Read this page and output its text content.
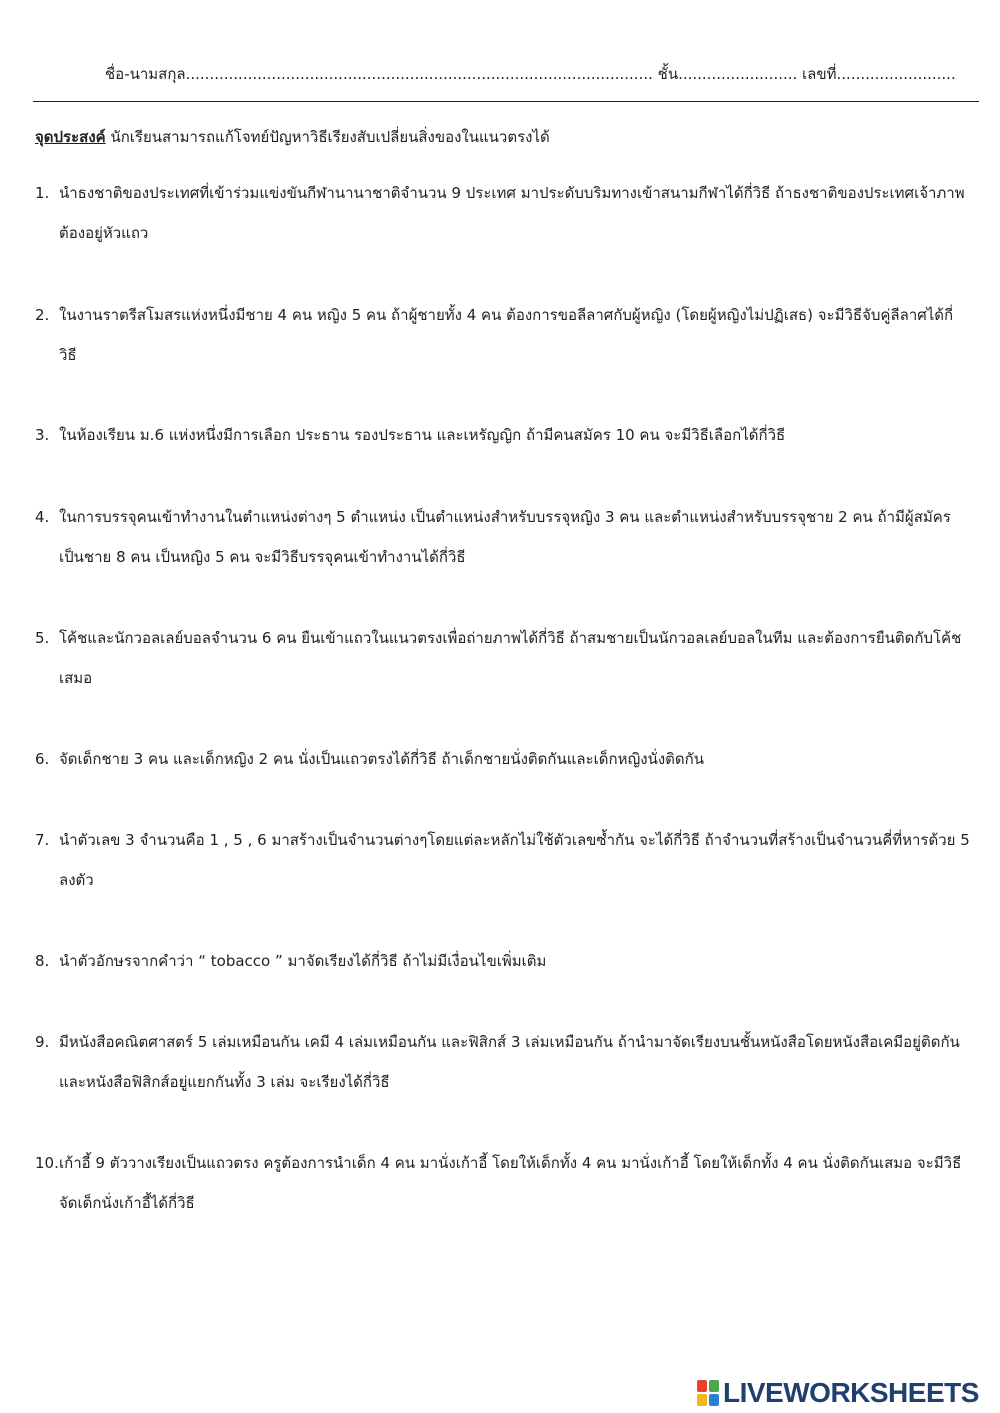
ชื่อ-นามสกุล.................................................................................................. ชั้น......................... เลขที่.........................
จุดประสงค์ นักเรียนสามารถแก้โจทย์ปัญหาวิธีเรียงสับเปลี่ยนสิ่งของในแนวตรงได้
1. นำธงชาติของประเทศที่เข้าร่วมแข่งขันกีฬานานาชาติจำนวน 9 ประเทศ มาประดับบริมทางเข้าสนามกีฬาได้กี่วิธี ถ้าธงชาติของประเทศเจ้าภาพต้องอยู่หัวแถว
2. ในงานราตรีสโมสรแห่งหนึ่งมีชาย 4 คน หญิง 5 คน ถ้าผู้ชายทั้ง 4 คน ต้องการขอลีลาศกับผู้หญิง (โดยผู้หญิงไม่ปฏิเสธ) จะมีวิธีจับคู่ลีลาศได้กี่วิธี
3. ในห้องเรียน ม.6 แห่งหนึ่งมีการเลือก ประธาน รองประธาน และเหรัญญิก ถ้ามีคนสมัคร 10 คน จะมีวิธีเลือกได้กี่วิธี
4. ในการบรรจุคนเข้าทำงานในตำแหน่งต่างๆ 5 ตำแหน่ง เป็นตำแหน่งสำหรับบรรจุหญิง 3 คน และตำแหน่งสำหรับบรรจุชาย 2 คน ถ้ามีผู้สมัครเป็นชาย 8 คน เป็นหญิง 5 คน จะมีวิธีบรรจุคนเข้าทำงานได้กี่วิธี
5. โค้ชและนักวอลเลย์บอลจำนวน 6 คน ยืนเข้าแถวในแนวตรงเพื่อถ่ายภาพได้กี่วิธี ถ้าสมชายเป็นนักวอลเลย์บอลในทีม และต้องการยืนติดกับโค้ชเสมอ
6. จัดเด็กชาย 3 คน และเด็กหญิง 2 คน นั่งเป็นแถวตรงได้กี่วิธี ถ้าเด็กชายนั่งติดกันและเด็กหญิงนั่งติดกัน
7. นำตัวเลข 3 จำนวนคือ 1 , 5 , 6 มาสร้างเป็นจำนวนต่างๆโดยแต่ละหลักไม่ใช้ตัวเลขซ้ำกัน จะได้กี่วิธี ถ้าจำนวนที่สร้างเป็นจำนวนคี่ที่หารด้วย 5 ลงตัว
8. นำตัวอักษรจากคำว่า “ tobacco ” มาจัดเรียงได้กี่วิธี ถ้าไม่มีเงื่อนไขเพิ่มเติม
9. มีหนังสือคณิตศาสตร์ 5 เล่มเหมือนกัน เคมี 4 เล่มเหมือนกัน และฟิสิกส์ 3 เล่มเหมือนกัน ถ้านำมาจัดเรียงบนชั้นหนังสือโดยหนังสือเคมีอยู่ติดกัน และหนังสือฟิสิกส์อยู่แยกกันทั้ง 3 เล่ม จะเรียงได้กี่วิธี
10. เก้าอี้ 9 ตัววางเรียงเป็นแถวตรง ครูต้องการนำเด็ก 4 คน มานั่งเก้าอี้ โดยให้เด็กทั้ง 4 คน มานั่งเก้าอี้ โดยให้เด็กทั้ง 4 คน นั่งติดกันเสมอ จะมีวิธีจัดเด็กนั่งเก้าอี้ได้กี่วิธี
LIVEWORKSHEETS
